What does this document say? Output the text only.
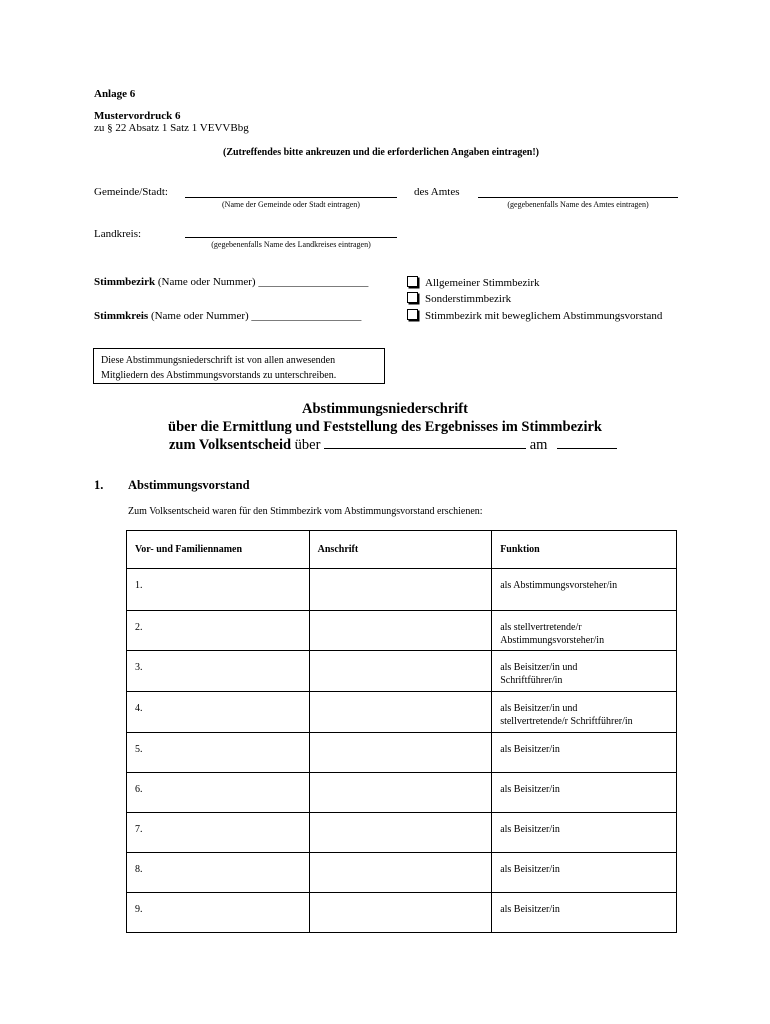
Anlage 6
Mustervordruck 6
zu § 22 Absatz 1 Satz 1 VEVVBbg
(Zutreffendes bitte ankreuzen und die erforderlichen Angaben eintragen!)
Gemeinde/Stadt:
(Name der Gemeinde oder Stadt eintragen)
des Amtes
(gegebenenfalls Name des Amtes eintragen)
Landkreis:
(gegebenenfalls Name des Landkreises eintragen)
Stimmbezirk (Name oder Nummer) ____________________
Stimmkreis (Name oder Nummer) ____________________
Allgemeiner Stimmbezirk
Sonderstimmbezirk
Stimmbezirk mit beweglichem Abstimmungsvorstand
Diese Abstimmungsniederschrift ist von allen anwesenden
Mitgliedern des Abstimmungsvorstands zu unterschreiben.
Abstimmungsniederschrift
über die Ermittlung und Feststellung des Ergebnisses im Stimmbezirk
zum Volksentscheid über	am
1. Abstimmungsvorstand
Zum Volksentscheid waren für den Stimmbezirk vom Abstimmungsvorstand erschienen:
Vor- und Familiennamen	Anschrift	Funktion
1.		als Abstimmungsvorsteher/in
2.		als stellvertretende/r
Abstimmungsvorsteher/in
3.		als Beisitzer/in und
Schriftführer/in
4.		als Beisitzer/in und
stellvertretende/r Schriftführer/in
5.		als Beisitzer/in
6.		als Beisitzer/in
7.		als Beisitzer/in
8.		als Beisitzer/in
9.		als Beisitzer/in
